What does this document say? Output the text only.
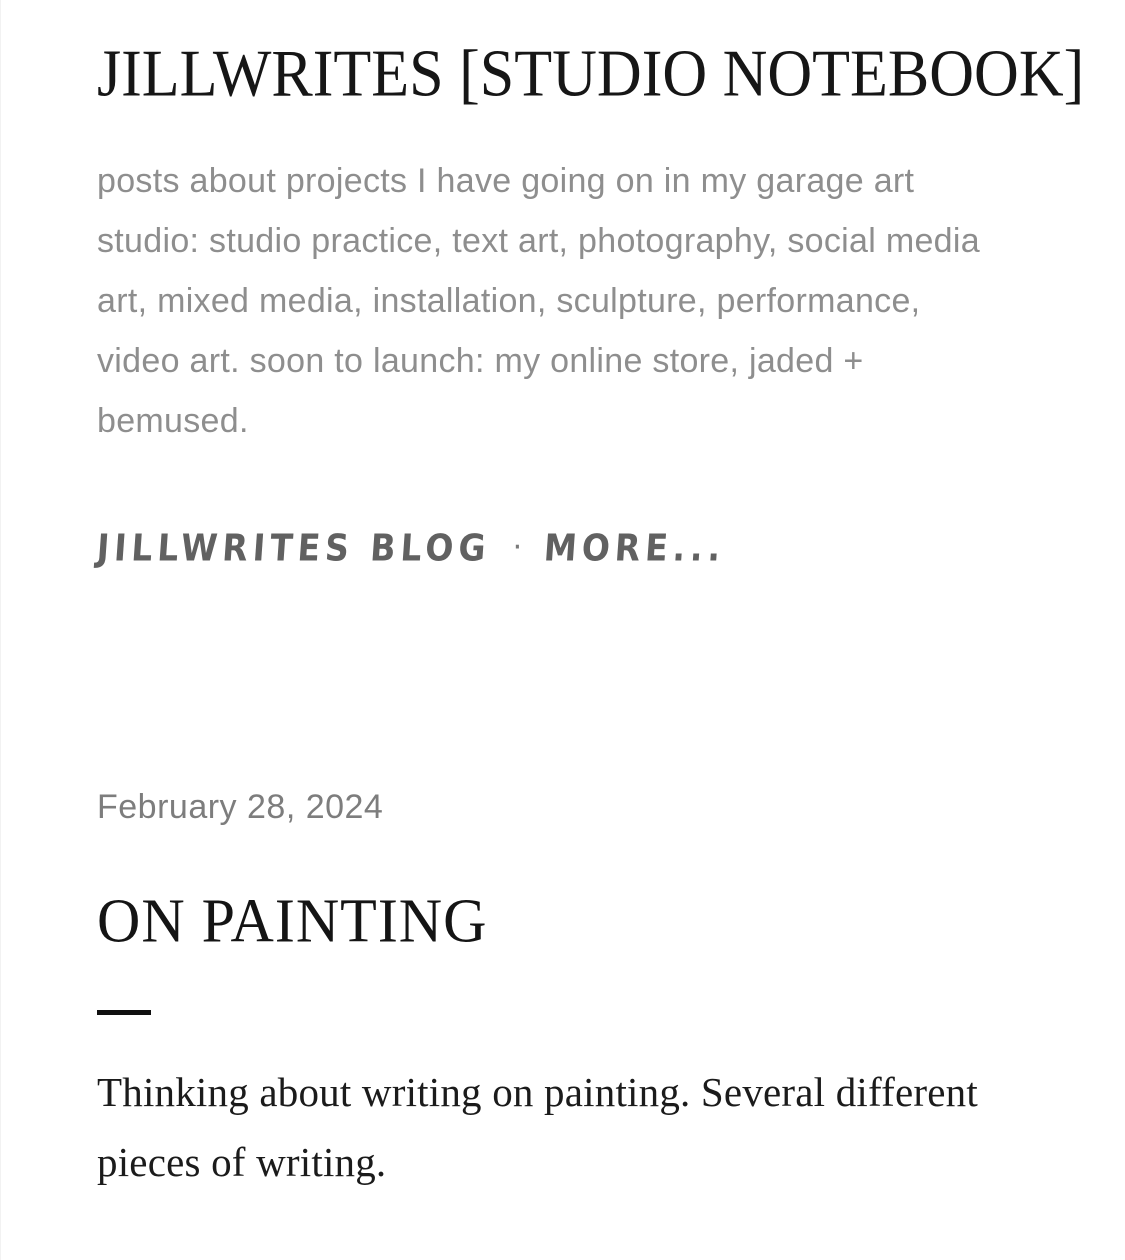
JILLWRITES [STUDIO NOTEBOOK]

posts about projects I have going on in my garage art studio: studio practice, text art, photography, social media art, mixed media, installation, sculpture, performance, video art. soon to launch: my online store, jaded + bemused.

JILLWRITES BLOG · MORE...
February 28, 2024
ON PAINTING

Thinking about writing on painting. Several different pieces of writing.
